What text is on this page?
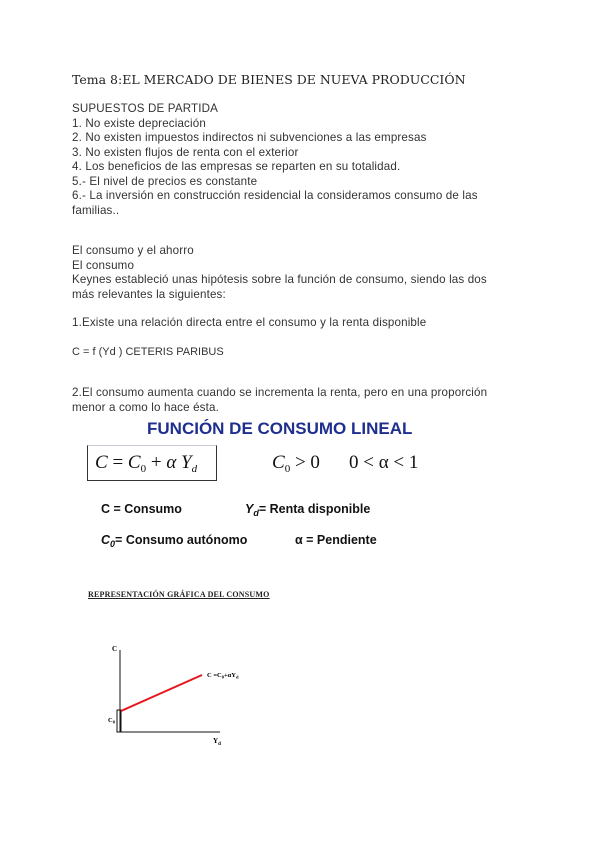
Tema 8:EL MERCADO DE BIENES DE NUEVA PRODUCCIÓN
SUPUESTOS DE PARTIDA
1. No existe depreciación
2. No existen impuestos indirectos ni subvenciones a las empresas
3. No existen flujos de renta con el exterior
4. Los beneficios de las empresas se reparten en su totalidad.
5.- El nivel de precios es constante
6.- La inversión en construcción residencial la consideramos consumo de las
familias..
El consumo y el ahorro
El consumo
Keynes estableció unas hipótesis sobre la función de consumo, siendo las dos
más relevantes la siguientes:
1.Existe una relación directa entre el consumo y la renta disponible
C = f (Yd ) CETERIS PARIBUS
2.El consumo aumenta cuando se incrementa la renta, pero en una proporción
menor a como lo hace ésta.
FUNCIÓN DE CONSUMO LINEAL
$C = C_0 + \alpha$ $Y_d$	$C_0 > 0$ 0 < α < 1
C = Consumo	$Y_d=$ Renta disponible
$C_0=$ Consumo autónomo	α = Pendiente
REPRESENTACIÓN GRÁFICA DEL CONSUMO
C
$Y_d$
$C_0$
$C =C_0+\alpha Y_d$
